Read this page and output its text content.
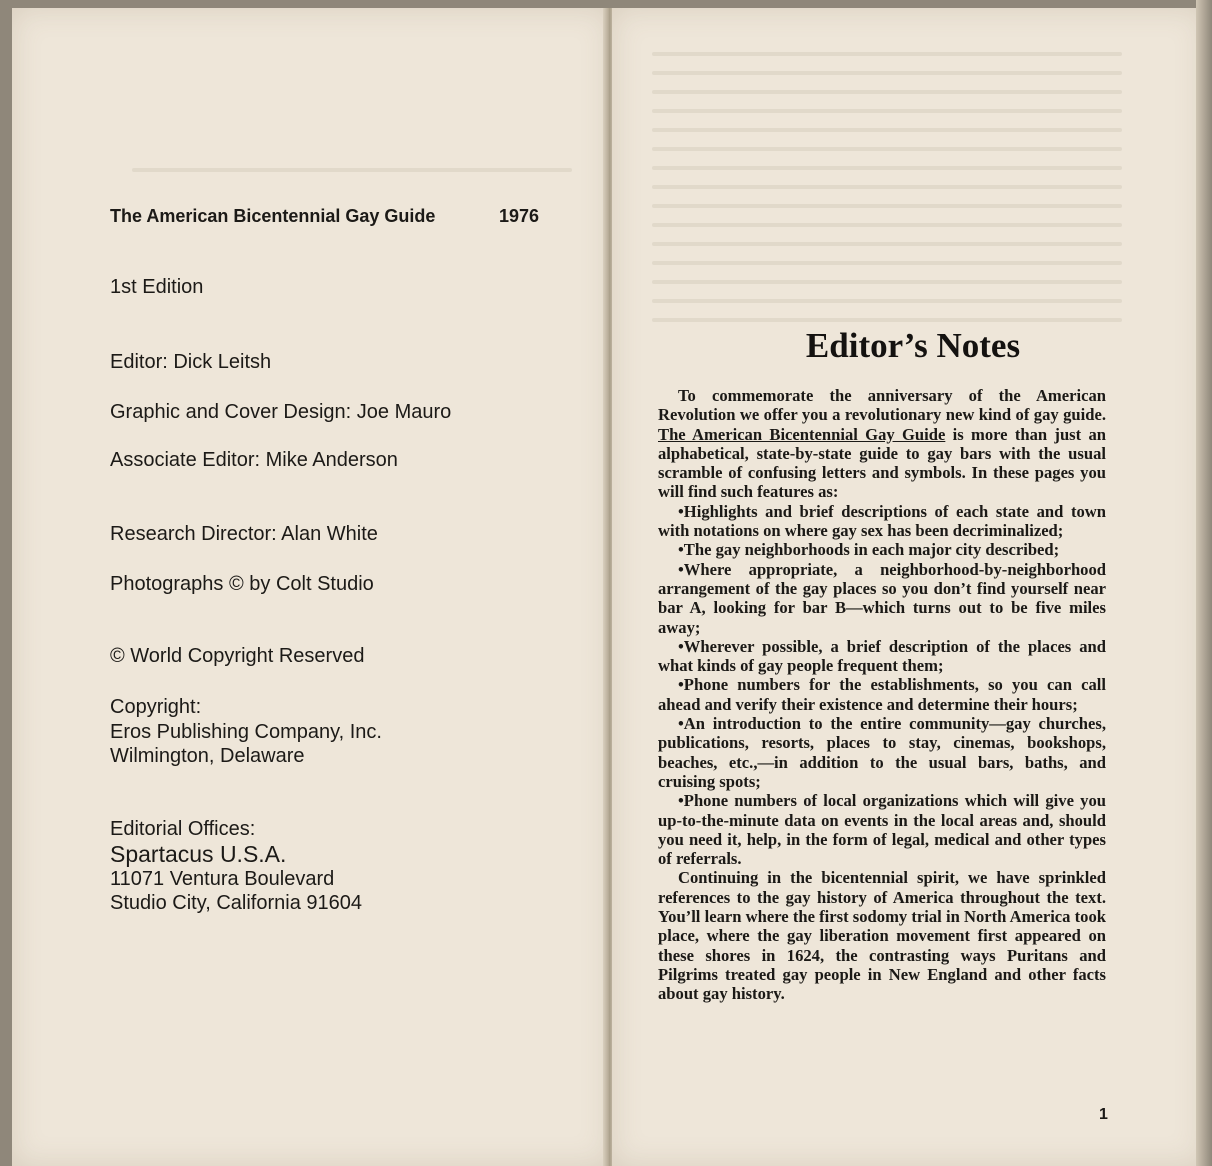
The American Bicentennial Gay Guide	1976
1st Edition
Editor: Dick Leitsh
Graphic and Cover Design: Joe Mauro
Associate Editor: Mike Anderson
Research Director: Alan White
Photographs © by Colt Studio
© World Copyright Reserved
Copyright:
Eros Publishing Company, Inc.
Wilmington, Delaware
Editorial Offices:
Spartacus U.S.A.
11071 Ventura Boulevard
Studio City, California 91604
Editor’s Notes

To commemorate the anniversary of the American Revolution we offer you a revolutionary new kind of gay guide. The American Bicentennial Gay Guide is more than just an alphabetical, state-by-state guide to gay bars with the usual scramble of confusing letters and symbols. In these pages you will find such features as:

•Highlights and brief descriptions of each state and town with notations on where gay sex has been decriminalized;

•The gay neighborhoods in each major city described;

•Where appropriate, a neighborhood-by-neighborhood arrangement of the gay places so you don’t find yourself near bar A, looking for bar B—which turns out to be five miles away;

•Wherever possible, a brief description of the places and what kinds of gay people frequent them;

•Phone numbers for the establishments, so you can call ahead and verify their existence and determine their hours;

•An introduction to the entire community—gay churches, publications, resorts, places to stay, cinemas, bookshops, beaches, etc.,—in addition to the usual bars, baths, and cruising spots;

•Phone numbers of local organizations which will give you up-to-the-minute data on events in the local areas and, should you need it, help, in the form of legal, medical and other types of referrals.

Continuing in the bicentennial spirit, we have sprinkled references to the gay history of America throughout the text. You’ll learn where the first sodomy trial in North America took place, where the gay liberation movement first appeared on these shores in 1624, the contrasting ways Puritans and Pilgrims treated gay people in New England and other facts about gay history.

1
